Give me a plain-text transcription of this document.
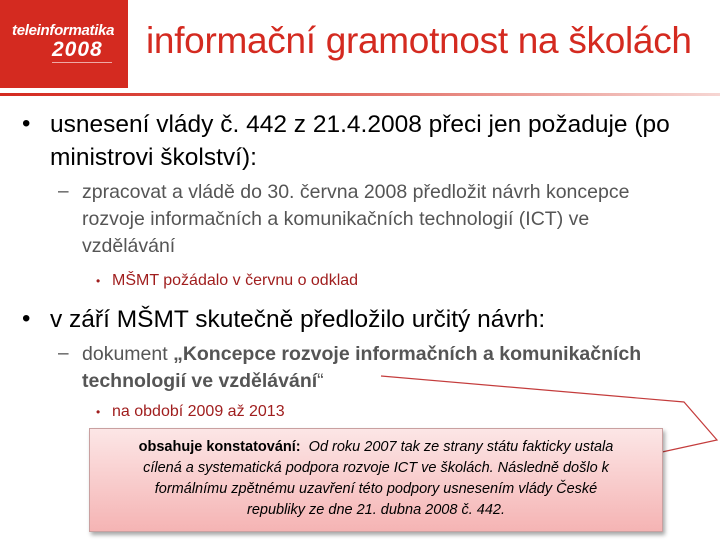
teleinformatika
2008 informační gramotnost na školách
• usnesení vlády č. 442 z 21.4.2008 přeci jen požaduje (po
ministrovi školství):
– zpracovat a vládě do 30. června 2008 předložit návrh koncepce
rozvoje informačních a komunikačních technologií (ICT) ve
vzdělávání
• MŠMT požádalo v červnu o odklad
• v září MŠMT skutečně předložilo určitý návrh:
– dokument „Koncepce rozvoje informačních a komunikačních
technologií ve vzdělávání“
• na období 2009 až 2013
obsahuje konstatování: Od roku 2007 tak ze strany státu fakticky ustala
cílená a systematická podpora rozvoje ICT ve školách. Následně došlo k
formálnímu zpětnému uzavření této podpory usnesením vlády České
republiky ze dne 21. dubna 2008 č. 442.
